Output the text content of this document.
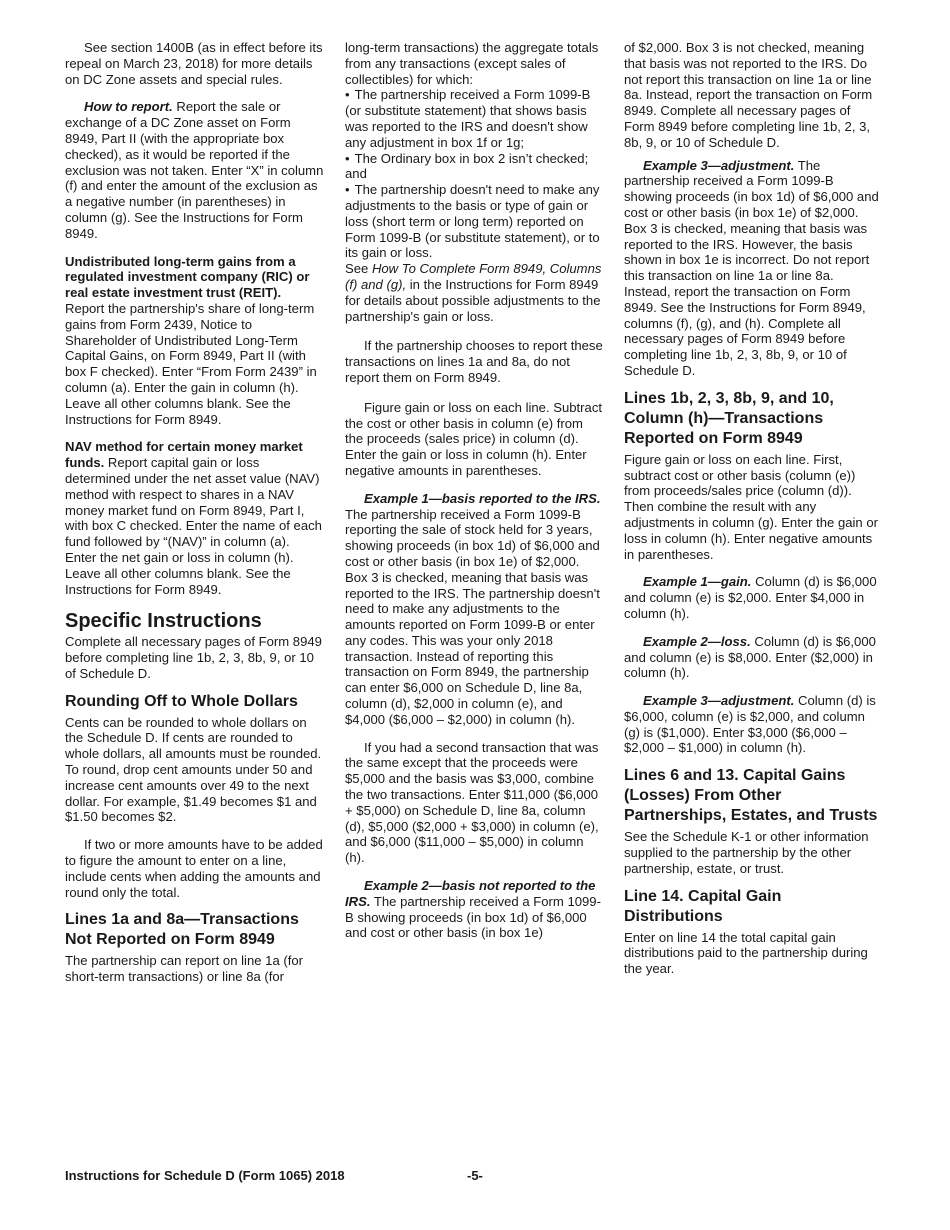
See section 1400B (as in effect before its repeal on March 23, 2018) for more details on DC Zone assets and special rules.

How to report. Report the sale or exchange of a DC Zone asset on Form 8949, Part II (with the appropriate box checked), as it would be reported if the exclusion was not taken. Enter “X” in column (f) and enter the amount of the exclusion as a negative number (in parentheses) in column (g). See the Instructions for Form 8949.

Undistributed long-term gains from a regulated investment company (RIC) or real estate investment trust (REIT). Report the partnership's share of long-term gains from Form 2439, Notice to Shareholder of Undistributed Long-Term Capital Gains, on Form 8949, Part II (with box F checked). Enter “From Form 2439” in column (a). Enter the gain in column (h). Leave all other columns blank. See the Instructions for Form 8949.

NAV method for certain money market funds. Report capital gain or loss determined under the net asset value (NAV) method with respect to shares in a NAV money market fund on Form 8949, Part I, with box C checked. Enter the name of each fund followed by “(NAV)” in column (a). Enter the net gain or loss in column (h). Leave all other columns blank. See the Instructions for Form 8949.

Specific Instructions

Complete all necessary pages of Form 8949 before completing line 1b, 2, 3, 8b, 9, or 10 of Schedule D.

Rounding Off to Whole Dollars

Cents can be rounded to whole dollars on the Schedule D. If cents are rounded to whole dollars, all amounts must be rounded. To round, drop cent amounts under 50 and increase cent amounts over 49 to the next dollar. For example, $1.49 becomes $1 and $1.50 becomes $2.

If two or more amounts have to be added to figure the amount to enter on a line, include cents when adding the amounts and round only the total.

Lines 1a and 8a—Transactions Not Reported on Form 8949

The partnership can report on line 1a (for short-term transactions) or line 8a (for

long-term transactions) the aggregate totals from any transactions (except sales of collectibles) for which:

• The partnership received a Form 1099-B (or substitute statement) that shows basis was reported to the IRS and doesn't show any adjustment in box 1f or 1g;
• The Ordinary box in box 2 isn’t checked; and
• The partnership doesn't need to make any adjustments to the basis or type of gain or loss (short term or long term) reported on Form 1099-B (or substitute statement), or to its gain or loss.

See How To Complete Form 8949, Columns (f) and (g), in the Instructions for Form 8949 for details about possible adjustments to the partnership's gain or loss.

If the partnership chooses to report these transactions on lines 1a and 8a, do not report them on Form 8949.

Figure gain or loss on each line. Subtract the cost or other basis in column (e) from the proceeds (sales price) in column (d). Enter the gain or loss in column (h). Enter negative amounts in parentheses.

Example 1—basis reported to the IRS. The partnership received a Form 1099-B reporting the sale of stock held for 3 years, showing proceeds (in box 1d) of $6,000 and cost or other basis (in box 1e) of $2,000. Box 3 is checked, meaning that basis was reported to the IRS. The partnership doesn't need to make any adjustments to the amounts reported on Form 1099-B or enter any codes. This was your only 2018 transaction. Instead of reporting this transaction on Form 8949, the partnership can enter $6,000 on Schedule D, line 8a, column (d), $2,000 in column (e), and $4,000 ($6,000 – $2,000) in column (h).

If you had a second transaction that was the same except that the proceeds were $5,000 and the basis was $3,000, combine the two transactions. Enter $11,000 ($6,000 + $5,000) on Schedule D, line 8a, column (d), $5,000 ($2,000 + $3,000) in column (e), and $6,000 ($11,000 – $5,000) in column (h).

Example 2—basis not reported to the IRS. The partnership received a Form 1099-B showing proceeds (in box 1d) of $6,000 and cost or other basis (in box 1e)

of $2,000. Box 3 is not checked, meaning that basis was not reported to the IRS. Do not report this transaction on line 1a or line 8a. Instead, report the transaction on Form 8949. Complete all necessary pages of Form 8949 before completing line 1b, 2, 3, 8b, 9, or 10 of Schedule D.

Example 3—adjustment. The partnership received a Form 1099-B showing proceeds (in box 1d) of $6,000 and cost or other basis (in box 1e) of $2,000. Box 3 is checked, meaning that basis was reported to the IRS. However, the basis shown in box 1e is incorrect. Do not report this transaction on line 1a or line 8a. Instead, report the transaction on Form 8949. See the Instructions for Form 8949, columns (f), (g), and (h). Complete all necessary pages of Form 8949 before completing line 1b, 2, 3, 8b, 9, or 10 of Schedule D.

Lines 1b, 2, 3, 8b, 9, and 10, Column (h)—Transactions Reported on Form 8949

Figure gain or loss on each line. First, subtract cost or other basis (column (e)) from proceeds/sales price (column (d)). Then combine the result with any adjustments in column (g). Enter the gain or loss in column (h). Enter negative amounts in parentheses.

Example 1—gain. Column (d) is $6,000 and column (e) is $2,000. Enter $4,000 in column (h).

Example 2—loss. Column (d) is $6,000 and column (e) is $8,000. Enter ($2,000) in column (h).

Example 3—adjustment. Column (d) is $6,000, column (e) is $2,000, and column (g) is ($1,000). Enter $3,000 ($6,000 – $2,000 – $1,000) in column (h).

Lines 6 and 13. Capital Gains (Losses) From Other Partnerships, Estates, and Trusts

See the Schedule K-1 or other information supplied to the partnership by the other partnership, estate, or trust.

Line 14. Capital Gain Distributions

Enter on line 14 the total capital gain distributions paid to the partnership during the year.

Instructions for Schedule D (Form 1065) 2018	-5-
